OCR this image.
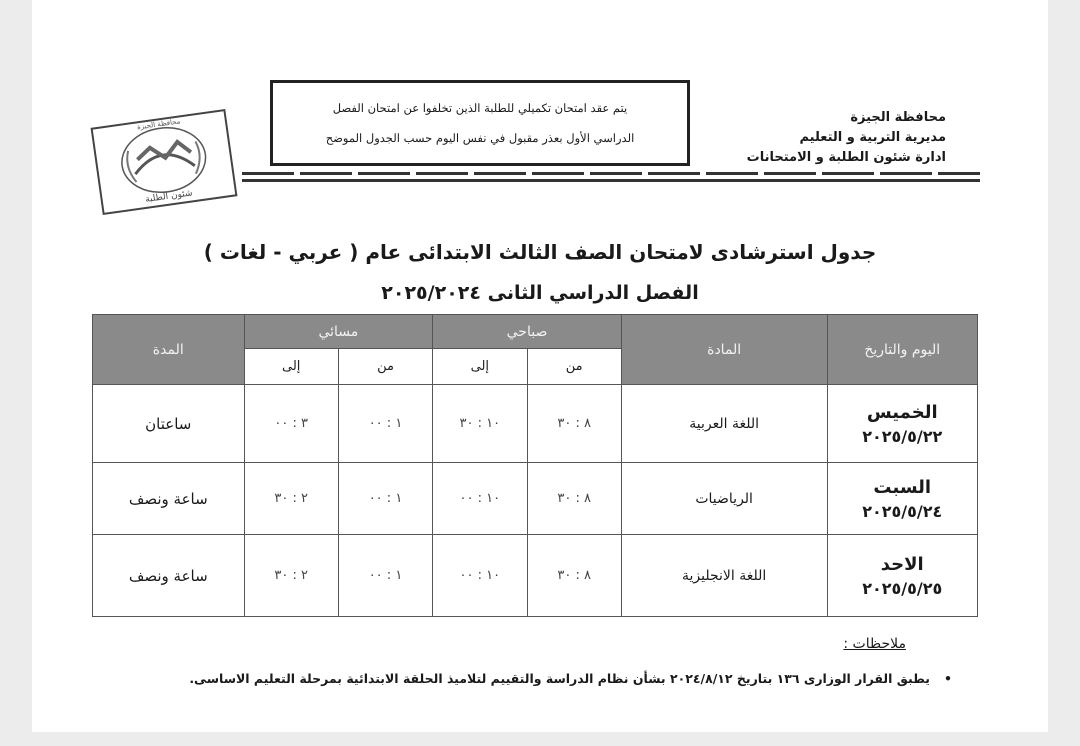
محافظة الجيزة
مديرية التربية و التعليم
ادارة شئون الطلبة و الامتحانات
يتم عقد امتحان تكميلي للطلبة الذين تخلفوا عن امتحان الفصل
الدراسي الأول بعذر مقبول في نفس اليوم حسب الجدول الموضح
محافظة الجيزة
شئون الطلبة
جدول استرشادى لامتحان الصف الثالث الابتدائى عام ( عربي - لغات )
الفصل الدراسي الثانى ٢٠٢٥/٢٠٢٤
اليوم والتاريخ	المادة	صباحي		مسائي		المدة
		من	إلى	من	إلى	

الخميس
٢٠٢٥/٥/٢٢	اللغة العربية	٨ : ٣٠	١٠ : ٣٠	١ : ٠٠	٣ : ٠٠	ساعتان

السبت
٢٠٢٥/٥/٢٤	الرياضيات	٨ : ٣٠	١٠ : ٠٠	١ : ٠٠	٢ : ٣٠	ساعة ونصف

الاحد
٢٠٢٥/٥/٢٥	اللغة الانجليزية	٨ : ٣٠	١٠ : ٠٠	١ : ٠٠	٢ : ٣٠	ساعة ونصف
ملاحظات :
•يطبق القرار الوزارى ١٣٦ بتاريخ ٢٠٢٤/٨/١٢ بشأن نظام الدراسة والتقييم لتلاميذ الحلقة الابتدائية بمرحلة التعليم الاساسى.
